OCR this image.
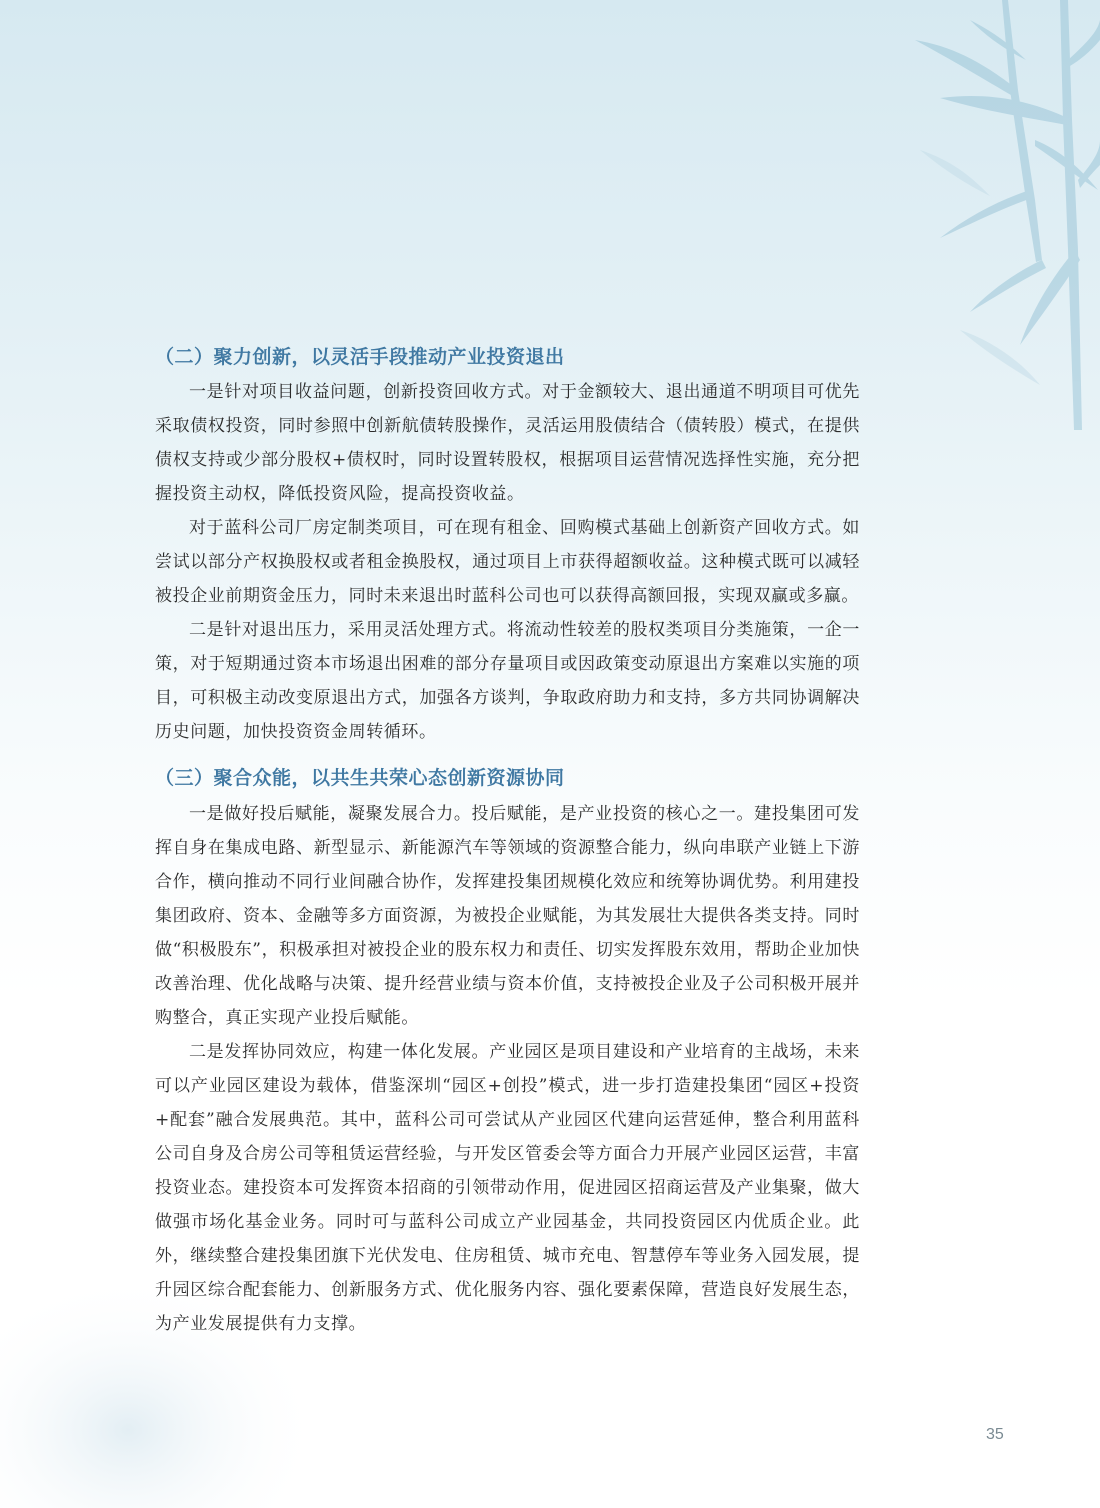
（二）聚力创新，以灵活手段推动产业投资退出

一是针对项目收益问题，创新投资回收方式。对于金额较大、退出通道不明项目可优先采取债权投资，同时参照中创新航债转股操作，灵活运用股债结合（债转股）模式，在提供债权支持或少部分股权+债权时，同时设置转股权，根据项目运营情况选择性实施，充分把握投资主动权，降低投资风险，提高投资收益。

对于蓝科公司厂房定制类项目，可在现有租金、回购模式基础上创新资产回收方式。如尝试以部分产权换股权或者租金换股权，通过项目上市获得超额收益。这种模式既可以减轻被投企业前期资金压力，同时未来退出时蓝科公司也可以获得高额回报，实现双赢或多赢。

二是针对退出压力，采用灵活处理方式。将流动性较差的股权类项目分类施策，一企一策，对于短期通过资本市场退出困难的部分存量项目或因政策变动原退出方案难以实施的项目，可积极主动改变原退出方式，加强各方谈判，争取政府助力和支持，多方共同协调解决历史问题，加快投资资金周转循环。

（三）聚合众能，以共生共荣心态创新资源协同

一是做好投后赋能，凝聚发展合力。投后赋能，是产业投资的核心之一。建投集团可发挥自身在集成电路、新型显示、新能源汽车等领域的资源整合能力，纵向串联产业链上下游合作，横向推动不同行业间融合协作，发挥建投集团规模化效应和统筹协调优势。利用建投集团政府、资本、金融等多方面资源，为被投企业赋能，为其发展壮大提供各类支持。同时做“积极股东”，积极承担对被投企业的股东权力和责任、切实发挥股东效用，帮助企业加快改善治理、优化战略与决策、提升经营业绩与资本价值，支持被投企业及子公司积极开展并购整合，真正实现产业投后赋能。

二是发挥协同效应，构建一体化发展。产业园区是项目建设和产业培育的主战场，未来可以产业园区建设为载体，借鉴深圳“园区+创投”模式，进一步打造建投集团“园区+投资+配套”融合发展典范。其中，蓝科公司可尝试从产业园区代建向运营延伸，整合利用蓝科公司自身及合房公司等租赁运营经验，与开发区管委会等方面合力开展产业园区运营，丰富投资业态。建投资本可发挥资本招商的引领带动作用，促进园区招商运营及产业集聚，做大做强市场化基金业务。同时可与蓝科公司成立产业园基金，共同投资园区内优质企业。此外，继续整合建投集团旗下光伏发电、住房租赁、城市充电、智慧停车等业务入园发展，提升园区综合配套能力、创新服务方式、优化服务内容、强化要素保障，营造良好发展生态，为产业发展提供有力支撑。

35
